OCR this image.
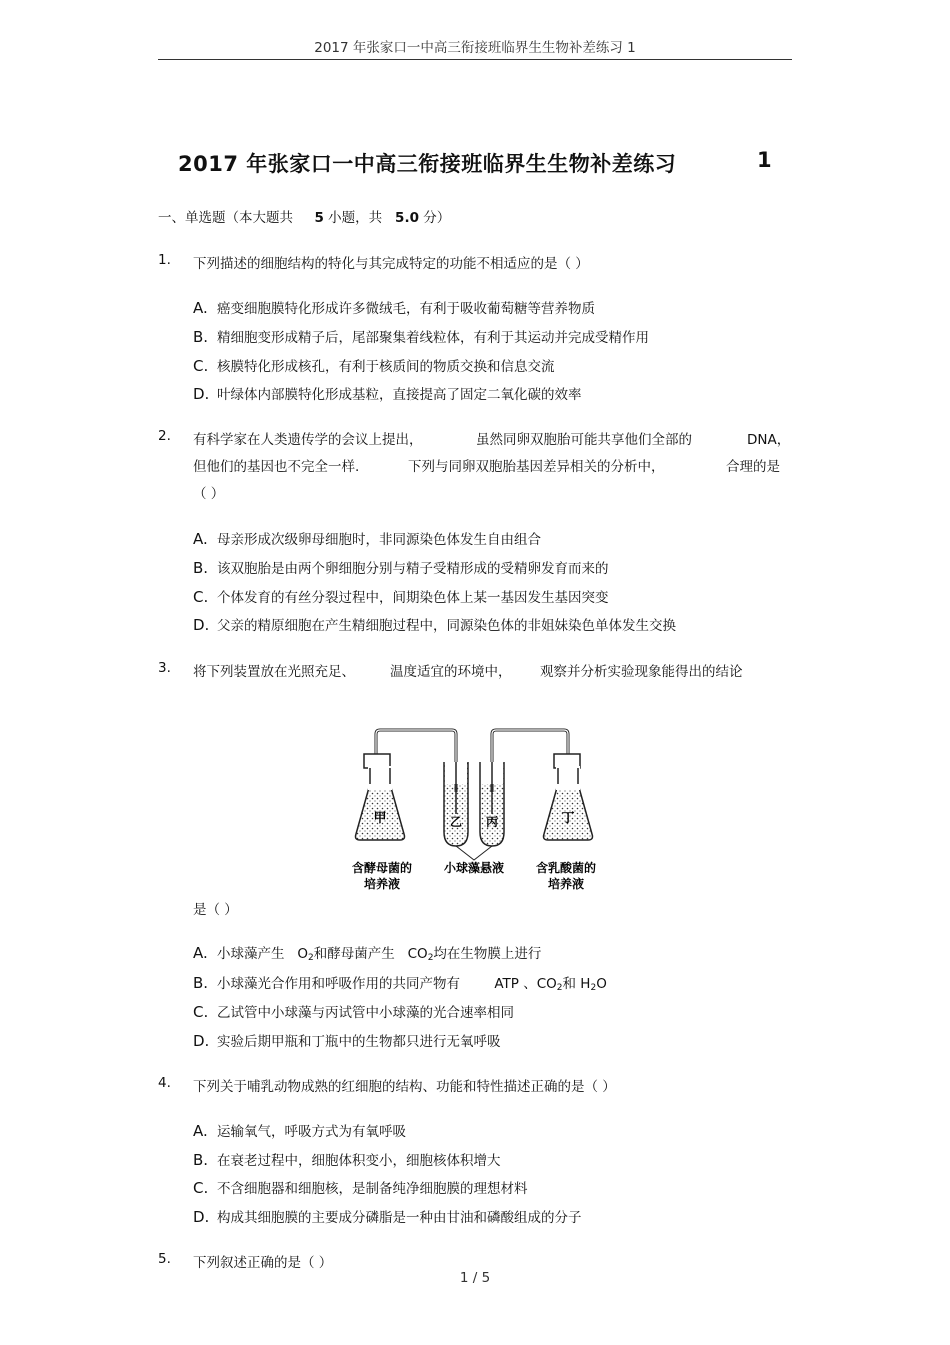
2017 年张家口一中高三衔接班临界生生物补差练习 1
2017 年张家口一中高三衔接班临界生生物补差练习	1
一、单选题（本大题共 5 小题，共 5.0 分）
1. 下列描述的细胞结构的特化与其完成特定的功能不相适应的是（ ）
A. 癌变细胞膜特化形成许多微绒毛，有利于吸收葡萄糖等营养物质
B. 精细胞变形成精子后，尾部聚集着线粒体，有利于其运动并完成受精作用
C. 核膜特化形成核孔，有利于核质间的物质交换和信息交流
D. 叶绿体内部膜特化形成基粒，直接提高了固定二氧化碳的效率
2. 有科学家在人类遗传学的会议上提出，	虽然同卵双胞胎可能共享他们全部的	DNA，
但他们的基因也不完全一样.	下列与同卵双胞胎基因差异相关的分析中，	合理的是
（ ）
A. 母亲形成次级卵母细胞时，非同源染色体发生自由组合
B. 该双胞胎是由两个卵细胞分别与精子受精形成的受精卵发育而来的
C. 个体发育的有丝分裂过程中，间期染色体上某一基因发生基因突变
D. 父亲的精原细胞在产生精细胞过程中，同源染色体的非姐妹染色单体发生交换
3. 将下列装置放在光照充足、	温度适宜的环境中， 观察并分析实验现象能得出的结论
甲	乙 丙	丁
含酵母菌的
培养液
小球藻悬液	含乳酸菌的
培养液
是（ ）
A. 小球藻产生 $O_2$和酵母菌产生 $CO_2$均在生物膜上进行
B. 小球藻光合作用和呼吸作用的共同产物有	ATP 、$CO_2$和 $H_2O$
C. 乙试管中小球藻与丙试管中小球藻的光合速率相同
D. 实验后期甲瓶和丁瓶中的生物都只进行无氧呼吸
4. 下列关于哺乳动物成熟的红细胞的结构、功能和特性描述正确的是（ ）
A. 运输氧气，呼吸方式为有氧呼吸
B. 在衰老过程中，细胞体积变小，细胞核体积增大
C. 不含细胞器和细胞核，是制备纯净细胞膜的理想材料
D. 构成其细胞膜的主要成分磷脂是一种由甘油和磷酸组成的分子
5. 下列叙述正确的是（ ）
1 / 5
